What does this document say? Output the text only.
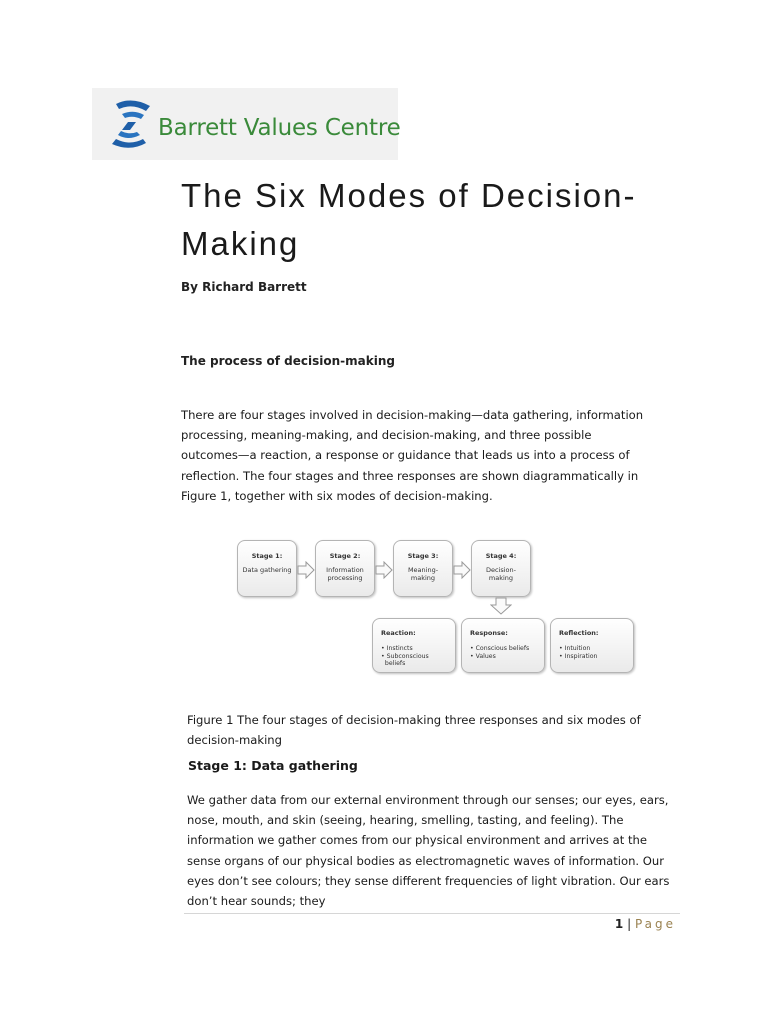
Barrett Values Centre
The Six Modes of Decision-Making
By Richard Barrett
The process of decision-making

There are four stages involved in decision-making—data gathering, information processing, meaning-making, and decision-making, and three possible outcomes—a reaction, a response or guidance that leads us into a process of reflection. The four stages and three responses are shown diagrammatically in Figure 1, together with six modes of decision-making.

Stage 1:
Data gathering
Stage 2:
Information processing
Stage 3:
Meaning-making
Stage 4:
Decision-making
Reaction:
• Instincts
• Subconscious
beliefs
Response:
• Conscious beliefs
• Values
Reflection:
• Intuition
• Inspiration

Figure 1 The four stages of decision-making three responses and six modes of decision-making

Stage 1: Data gathering

We gather data from our external environment through our senses; our eyes, ears, nose, mouth, and skin (seeing, hearing, smelling, tasting, and feeling). The information we gather comes from our physical environment and arrives at the sense organs of our physical bodies as electromagnetic waves of information. Our eyes don’t see colours; they sense different frequencies of light vibration. Our ears don’t hear sounds; they

1 | Page
